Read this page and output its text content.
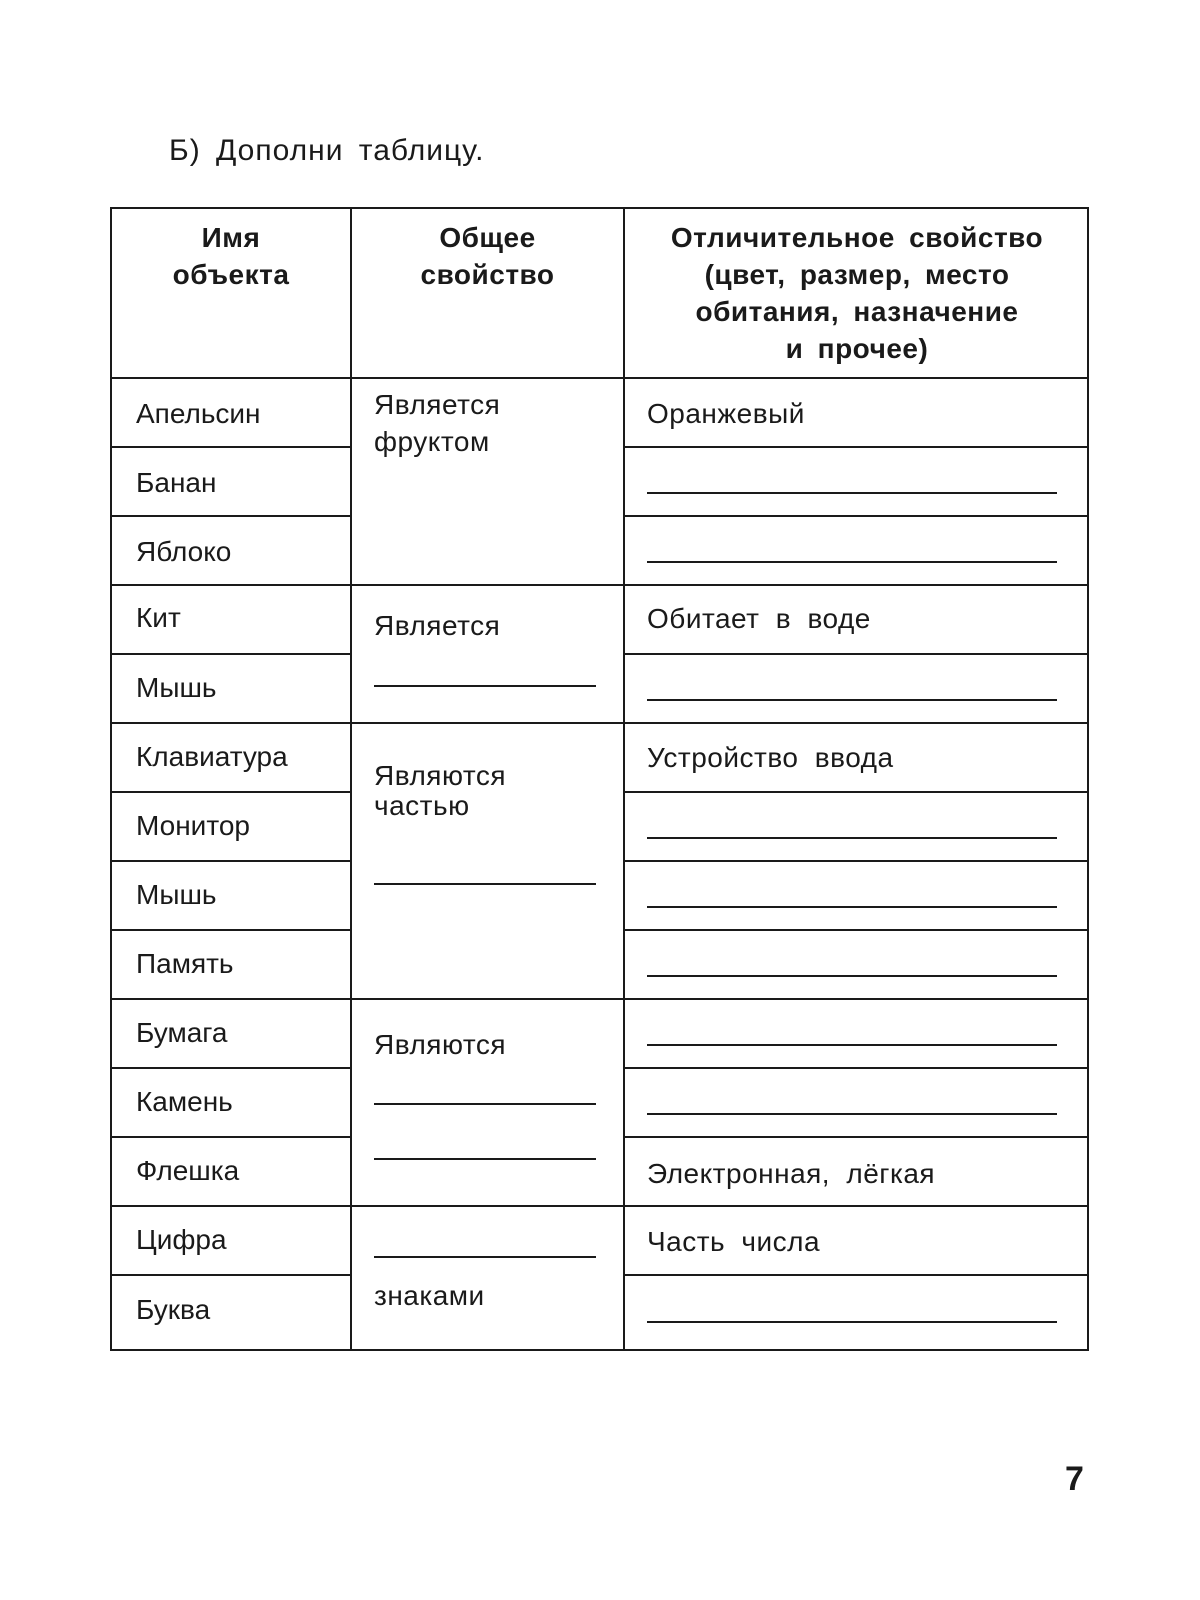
Б) Дополни таблицу.
Имя
объекта
Общее
свойство
Отличительное свойство
(цвет, размер, место
обитания, назначение
и прочее)
Апельсин
Банан
Яблоко
Кит
Мышь
Клавиатура
Монитор
Мышь
Память
Бумага
Камень
Флешка
Цифра
Буква
Является
фруктом
Является
Являются
частью
Являются
знаками
Оранжевый
Обитает в воде
Устройство ввода
Электронная, лёгкая
Часть числа
7
